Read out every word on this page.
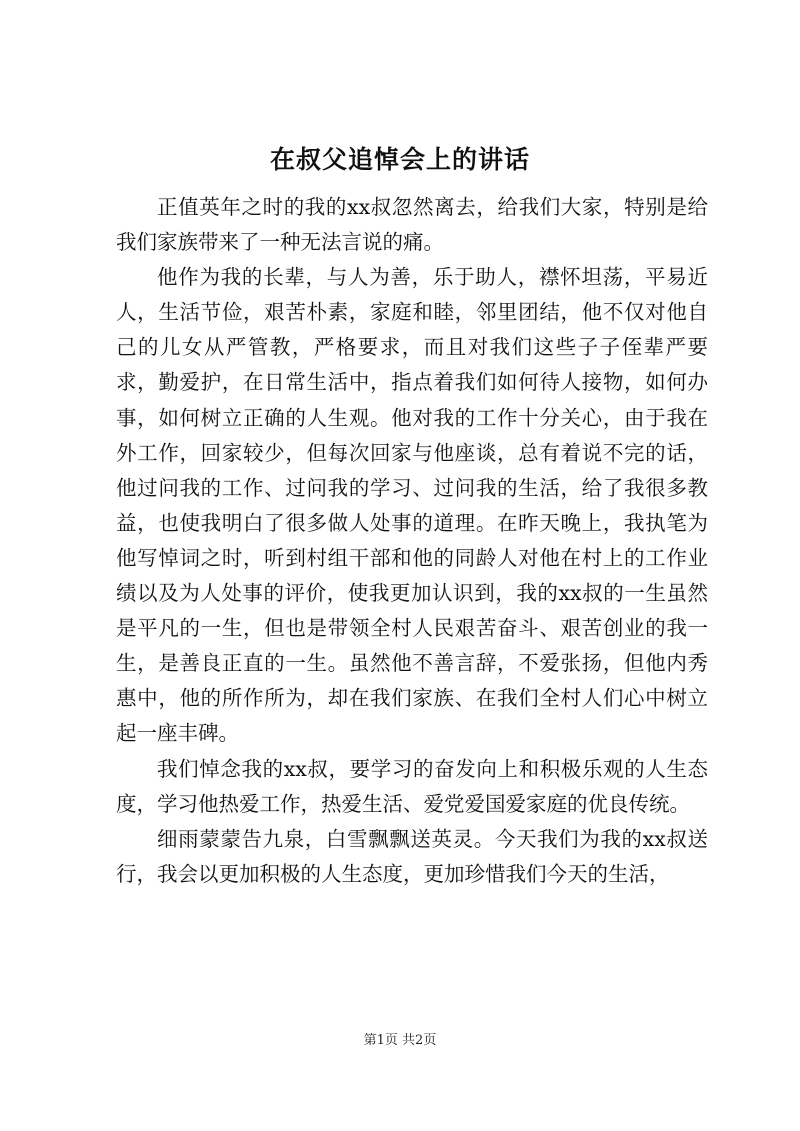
在叔父追悼会上的讲话

正值英年之时的我的xx叔忽然离去，给我们大家，特别是给我们家族带来了一种无法言说的痛。

他作为我的长辈，与人为善，乐于助人，襟怀坦荡，平易近人，生活节俭，艰苦朴素，家庭和睦，邻里团结，他不仅对他自己的儿女从严管教，严格要求，而且对我们这些子子侄辈严要求，勤爱护，在日常生活中，指点着我们如何待人接物，如何办事，如何树立正确的人生观。他对我的工作十分关心，由于我在外工作，回家较少，但每次回家与他座谈，总有着说不完的话，他过问我的工作、过问我的学习、过问我的生活，给了我很多教益，也使我明白了很多做人处事的道理。在昨天晚上，我执笔为他写悼词之时，听到村组干部和他的同龄人对他在村上的工作业绩以及为人处事的评价，使我更加认识到，我的xx叔的一生虽然是平凡的一生，但也是带领全村人民艰苦奋斗、艰苦创业的我一生，是善良正直的一生。虽然他不善言辞，不爱张扬，但他内秀惠中，他的所作所为，却在我们家族、在我们全村人们心中树立起一座丰碑。

我们悼念我的xx叔，要学习的奋发向上和积极乐观的人生态度，学习他热爱工作，热爱生活、爱党爱国爱家庭的优良传统。

细雨蒙蒙告九泉，白雪飘飘送英灵。今天我们为我的xx叔送行，我会以更加积极的人生态度，更加珍惜我们今天的生活，

第1页 共2页
